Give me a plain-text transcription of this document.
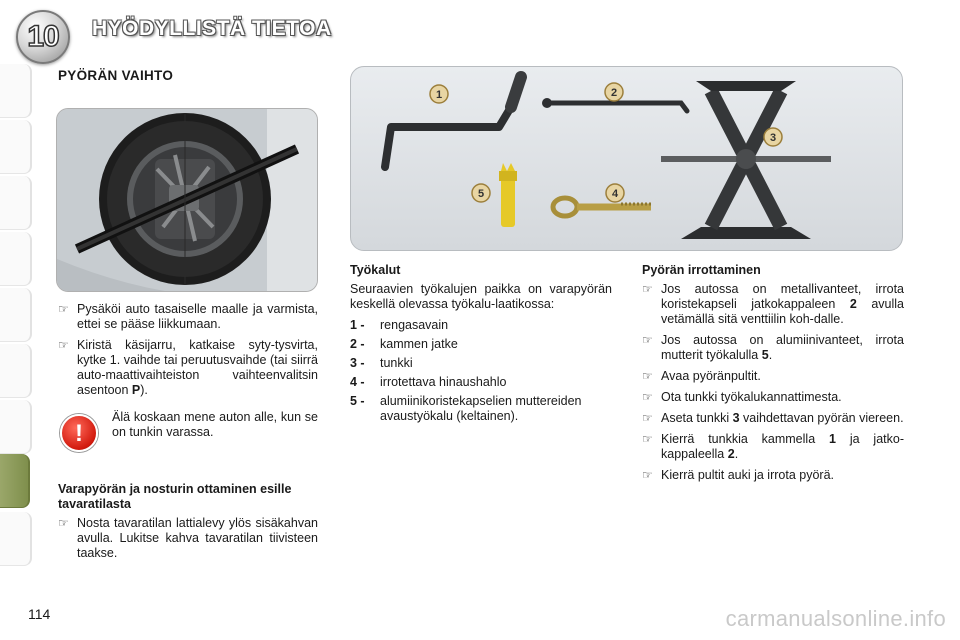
10 HYÖDYLLISTÄ TIETOA
PYÖRÄN VAIHTO
1	2
3
4
5
☞ Pysäköi auto tasaiselle maalle ja varmista, ettei se pääse liikkumaan.
☞ Kiristä käsijarru, katkaise syty-tysvirta, kytke 1. vaihde tai peruutusvaihde (tai siirrä auto-maattivaihteiston vaihteenvalitsin asentoon P).
!
Älä koskaan mene auton alle, kun se on tunkin varassa.
Varapyörän ja nosturin ottaminen esille tavaratilasta
☞ Nosta tavaratilan lattialevy ylös sisäkahvan avulla. Lukitse kahva tavaratilan tiivisteen taakse.
Työkalut
Seuraavien työkalujen paikka on varapyörän keskellä olevassa työkalu-laatikossa:
1 -	rengasavain
2 -	kammen jatke
3 -	tunkki
4 -	irrotettava hinaushahlo
5 -	alumiinikoristekapselien muttereiden avaustyökalu (keltainen).
Pyörän irrottaminen
☞ Jos autossa on metallivanteet, irrota koristekapseli jatkokappaleen 2 avulla vetämällä sitä venttiilin koh-dalle.
☞ Jos autossa on alumiinivanteet, irrota mutterit työkalulla 5.
☞ Avaa pyöränpultit.
☞ Ota tunkki työkalukannattimesta.
☞ Aseta tunkki 3 vaihdettavan pyörän viereen.
☞ Kierrä tunkkia kammella 1 ja jatko-kappaleella 2.
☞ Kierrä pultit auki ja irrota pyörä.
114	carmanualsonline.info
